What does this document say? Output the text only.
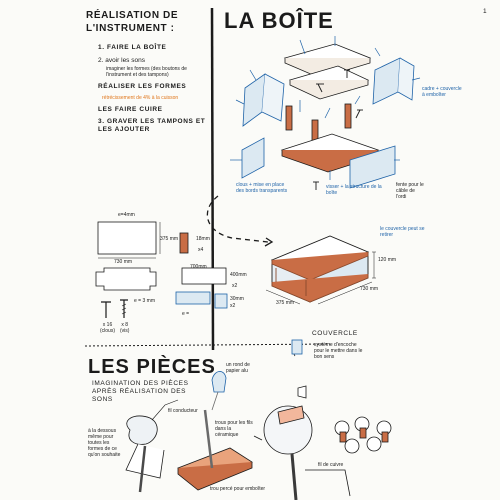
1
RÉALISATION DE L'INSTRUMENT :
1. FAIRE LA BOÎTE
2. avoir les sons
imaginer les formes (des boutons de l'instrument et des tampons)
RÉALISER LES FORMES
rétrécissement de 4% à la cuisson
LES FAIRE CUIRE
3. GRAVER LES TAMPONS ET LES AJOUTER
e=4mm
375 mm
730 mm
18mm
x4
400mm
x2
700mm
x2
30mm
e = 3 mm
e =
x 16
(clous)
x 8
(vis)
LA BOÎTE
cadre + couvercle à emboîter
clous + mise en place des bords transparents
visser + la structure de la boîte
fente pour le câble de l'ordi
le couvercle peut se retirer
120 mm
730 mm
375 mm
LES PIÈCES
IMAGINATION DES PIÈCES APRÈS RÉALISATION DES SONS
un rond de papier alu
fil conducteur
à la dessous même pour toutes les formes de ce qu'on souhaite
trous pour les fils dans la céramique
COUVERCLE
système d'encoche pour le mettre dans le bon sens
trou percé pour emboîter
fil de cuivre
